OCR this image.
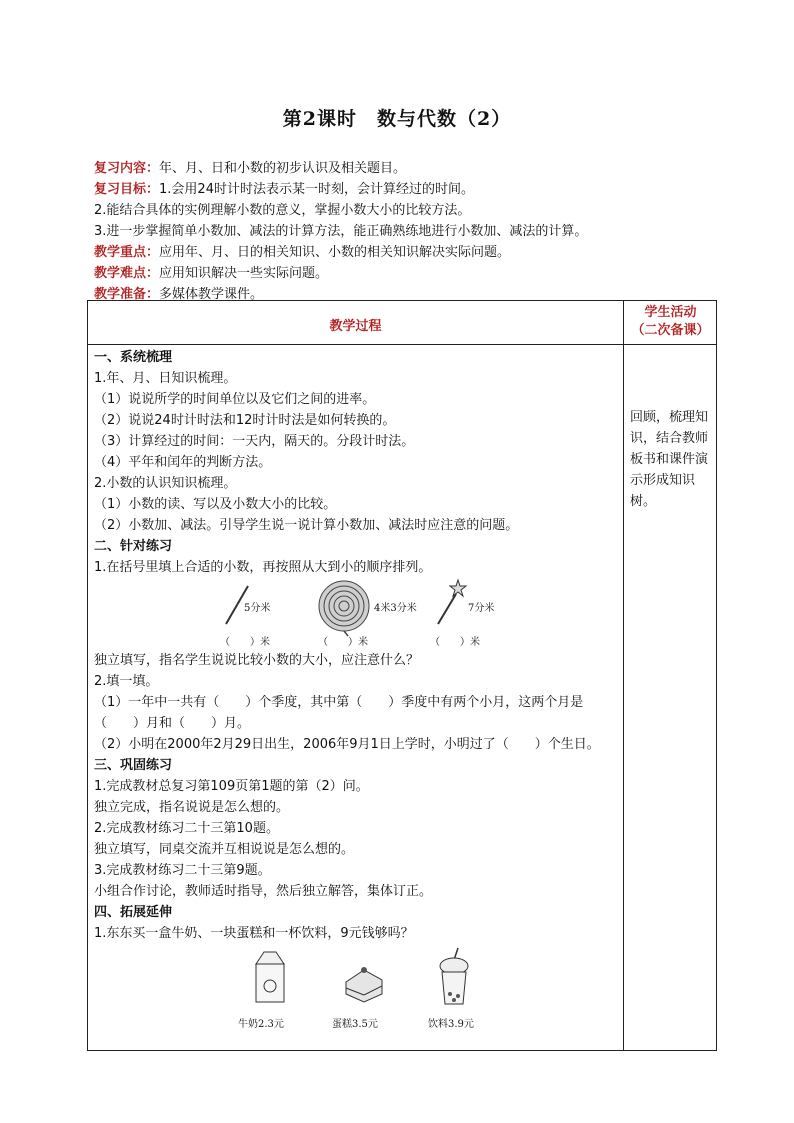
第2课时　数与代数（2）
复习内容：年、月、日和小数的初步认识及相关题目。
复习目标：1.会用24时计时法表示某一时刻，会计算经过的时间。
2.能结合具体的实例理解小数的意义，掌握小数大小的比较方法。
3.进一步掌握简单小数加、减法的计算方法，能正确熟练地进行小数加、减法的计算。
教学重点：应用年、月、日的相关知识、小数的相关知识解决实际问题。
教学难点：应用知识解决一些实际问题。
教学准备：多媒体教学课件。
教学过程
学生活动
（二次备课）
一、系统梳理
1.年、月、日知识梳理。
（1）说说所学的时间单位以及它们之间的进率。
（2）说说24时计时法和12时计时法是如何转换的。
（3）计算经过的时间：一天内，隔天的。分段计时法。
（4）平年和闰年的判断方法。
2.小数的认识知识梳理。
（1）小数的读、写以及小数大小的比较。
（2）小数加、减法。引导学生说一说计算小数加、减法时应注意的问题。
二、针对练习
1.在括号里填上合适的小数，再按照从大到小的顺序排列。
5分米
（　　）米
4米3分米
（　　）米
7分米
（　　）米
独立填写，指名学生说说比较小数的大小，应注意什么？
2.填一填。
（1）一年中一共有（　　）个季度，其中第（　　）季度中有两个小月，这两个月是（　　）月和（　　）月。
（2）小明在2000年2月29日出生，2006年9月1日上学时，小明过了（　　）个生日。
三、巩固练习
1.完成教材总复习第109页第1题的第（2）问。
独立完成，指名说说是怎么想的。
2.完成教材练习二十三第10题。
独立填写，同桌交流并互相说说是怎么想的。
3.完成教材练习二十三第9题。
小组合作讨论，教师适时指导，然后独立解答，集体订正。
四、拓展延伸
1.东东买一盒牛奶、一块蛋糕和一杯饮料，9元钱够吗？
牛奶2.3元	蛋糕3.5元	饮料3.9元
回顾，梳理知识，结合教师板书和课件演示形成知识树。
